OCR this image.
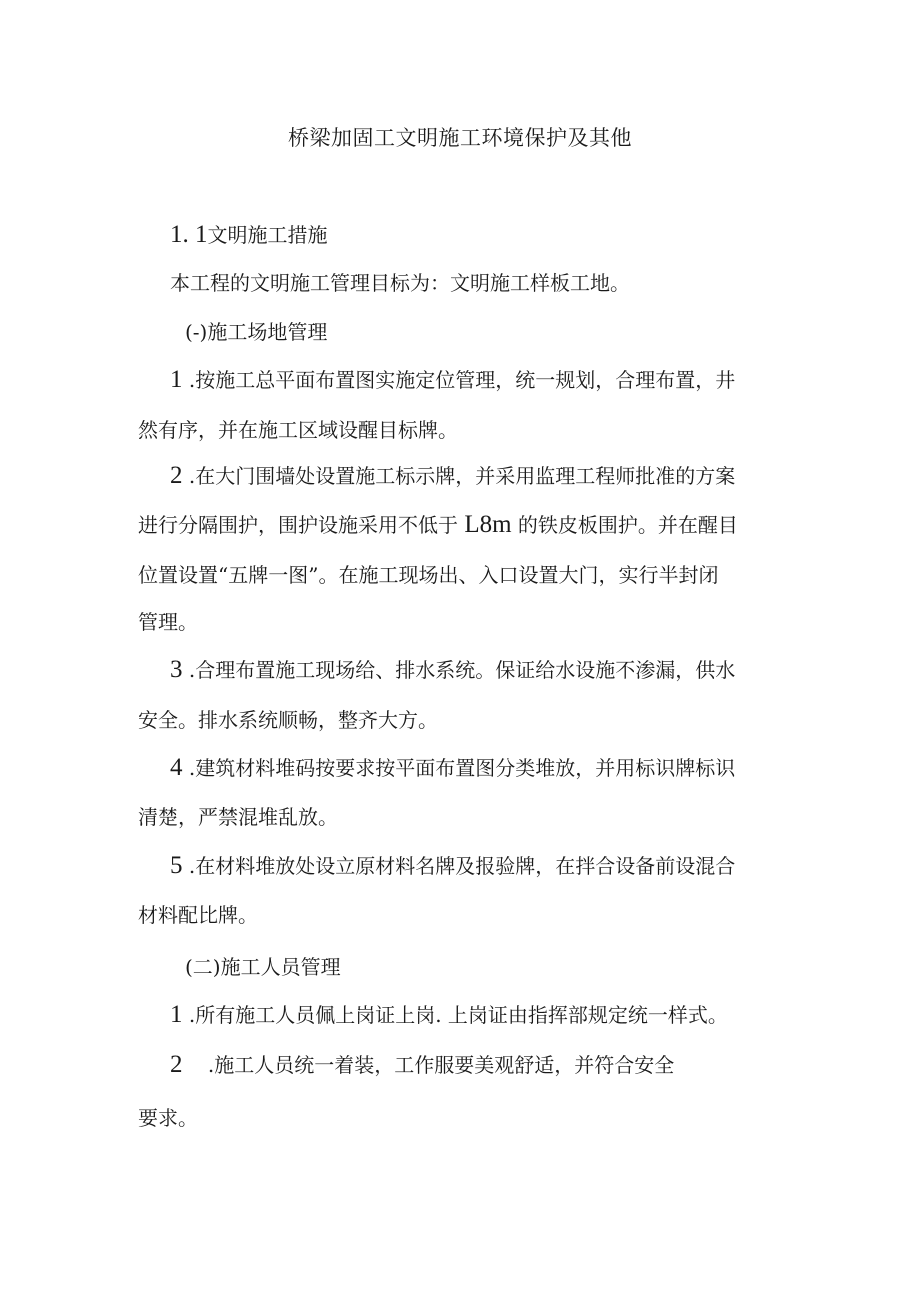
桥梁加固工文明施工环境保护及其他
1. 1文明施工措施
本工程的文明施工管理目标为：文明施工样板工地。
(-)施工场地管理
1 .按施工总平面布置图实施定位管理，统一规划，合理布置，井
然有序，并在施工区域设醒目标牌。
2 .在大门围墙处设置施工标示牌，并采用监理工程师批准的方案
进行分隔围护，围护设施采用不低于 L8m 的铁皮板围护。并在醒目
位置设置“五牌一图”。在施工现场出、入口设置大门，实行半封闭
管理。
3 .合理布置施工现场给、排水系统。保证给水设施不渗漏，供水
安全。排水系统顺畅，整齐大方。
4 .建筑材料堆码按要求按平面布置图分类堆放，并用标识牌标识
清楚，严禁混堆乱放。
5 .在材料堆放处设立原材料名牌及报验牌，在拌合设备前设混合
材料配比牌。
(二)施工人员管理
1 .所有施工人员佩上岗证上岗. 上岗证由指挥部规定统一样式。
2    .施工人员统一着装，工作服要美观舒适，并符合安全
要求。
